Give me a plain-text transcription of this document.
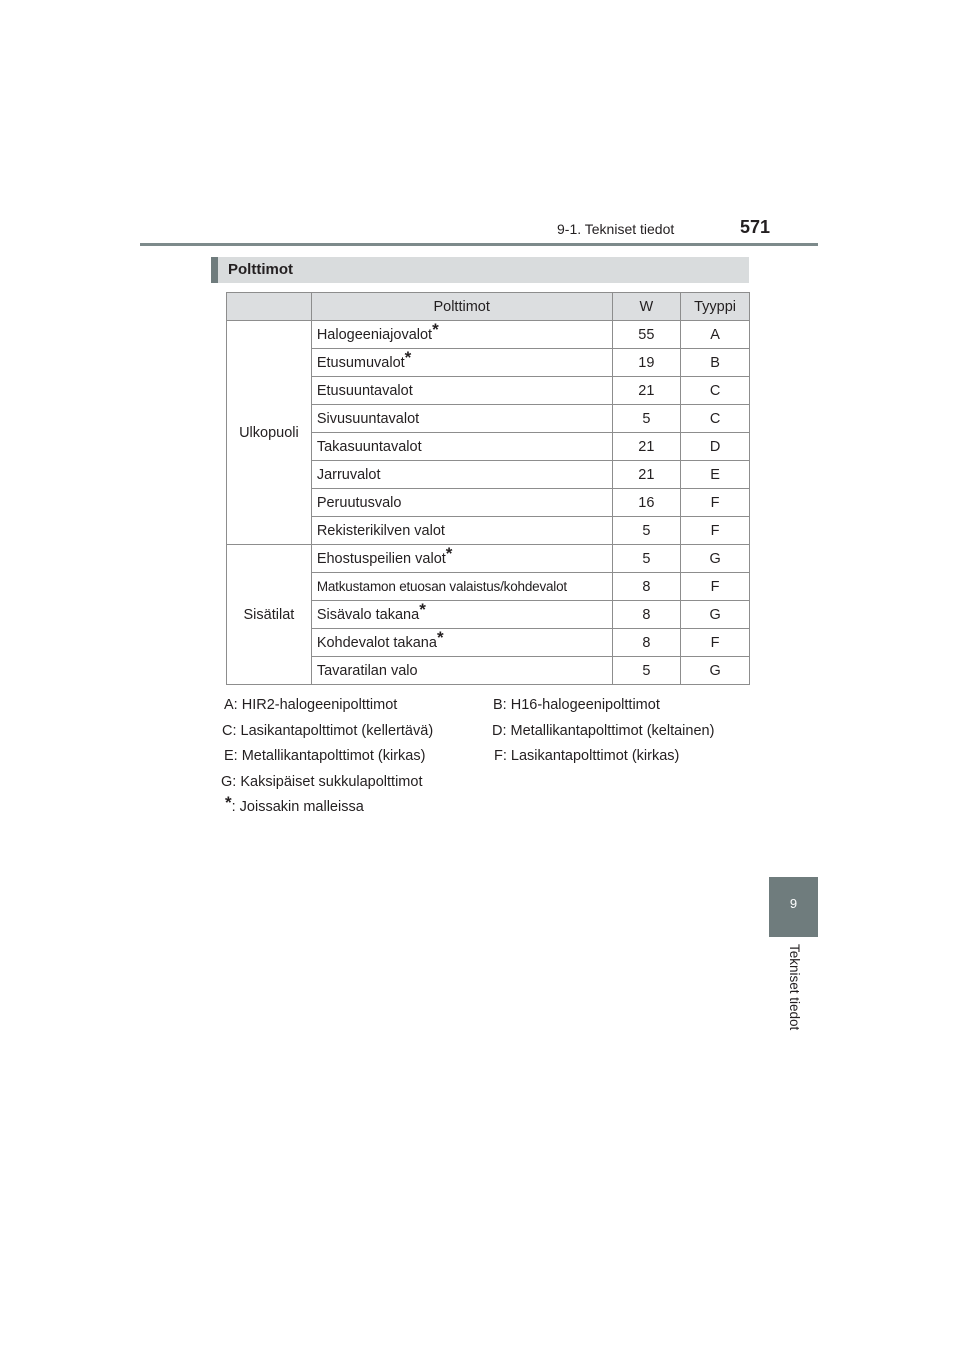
9-1. Tekniset tiedot	571
Polttimot
	Polttimot	W	Tyyppi
Ulkopuoli	Halogeeniajovalot*	55	A
	Etusumuvalot*	19	B
	Etusuuntavalot	21	C
	Sivusuuntavalot	5	C
	Takasuuntavalot	21	D
	Jarruvalot	21	E
	Peruutusvalo	16	F
	Rekisterikilven valot	5	F
Sisätilat	Ehostuspeilien valot*	5	G
	Matkustamon etuosan valaistus/kohdevalot	8	F
	Sisävalo takana*	8	G
	Kohdevalot takana*	8	F
	Tavaratilan valo	5	G
A: HIR2-halogeenipolttimot	B: H16-halogeenipolttimot
C: Lasikantapolttimot (kellertävä)	D: Metallikantapolttimot (keltainen)
E: Metallikantapolttimot (kirkas)	F: Lasikantapolttimot (kirkas)
G: Kaksipäiset sukkulapolttimot
*: Joissakin malleissa
9
Tekniset tiedot
